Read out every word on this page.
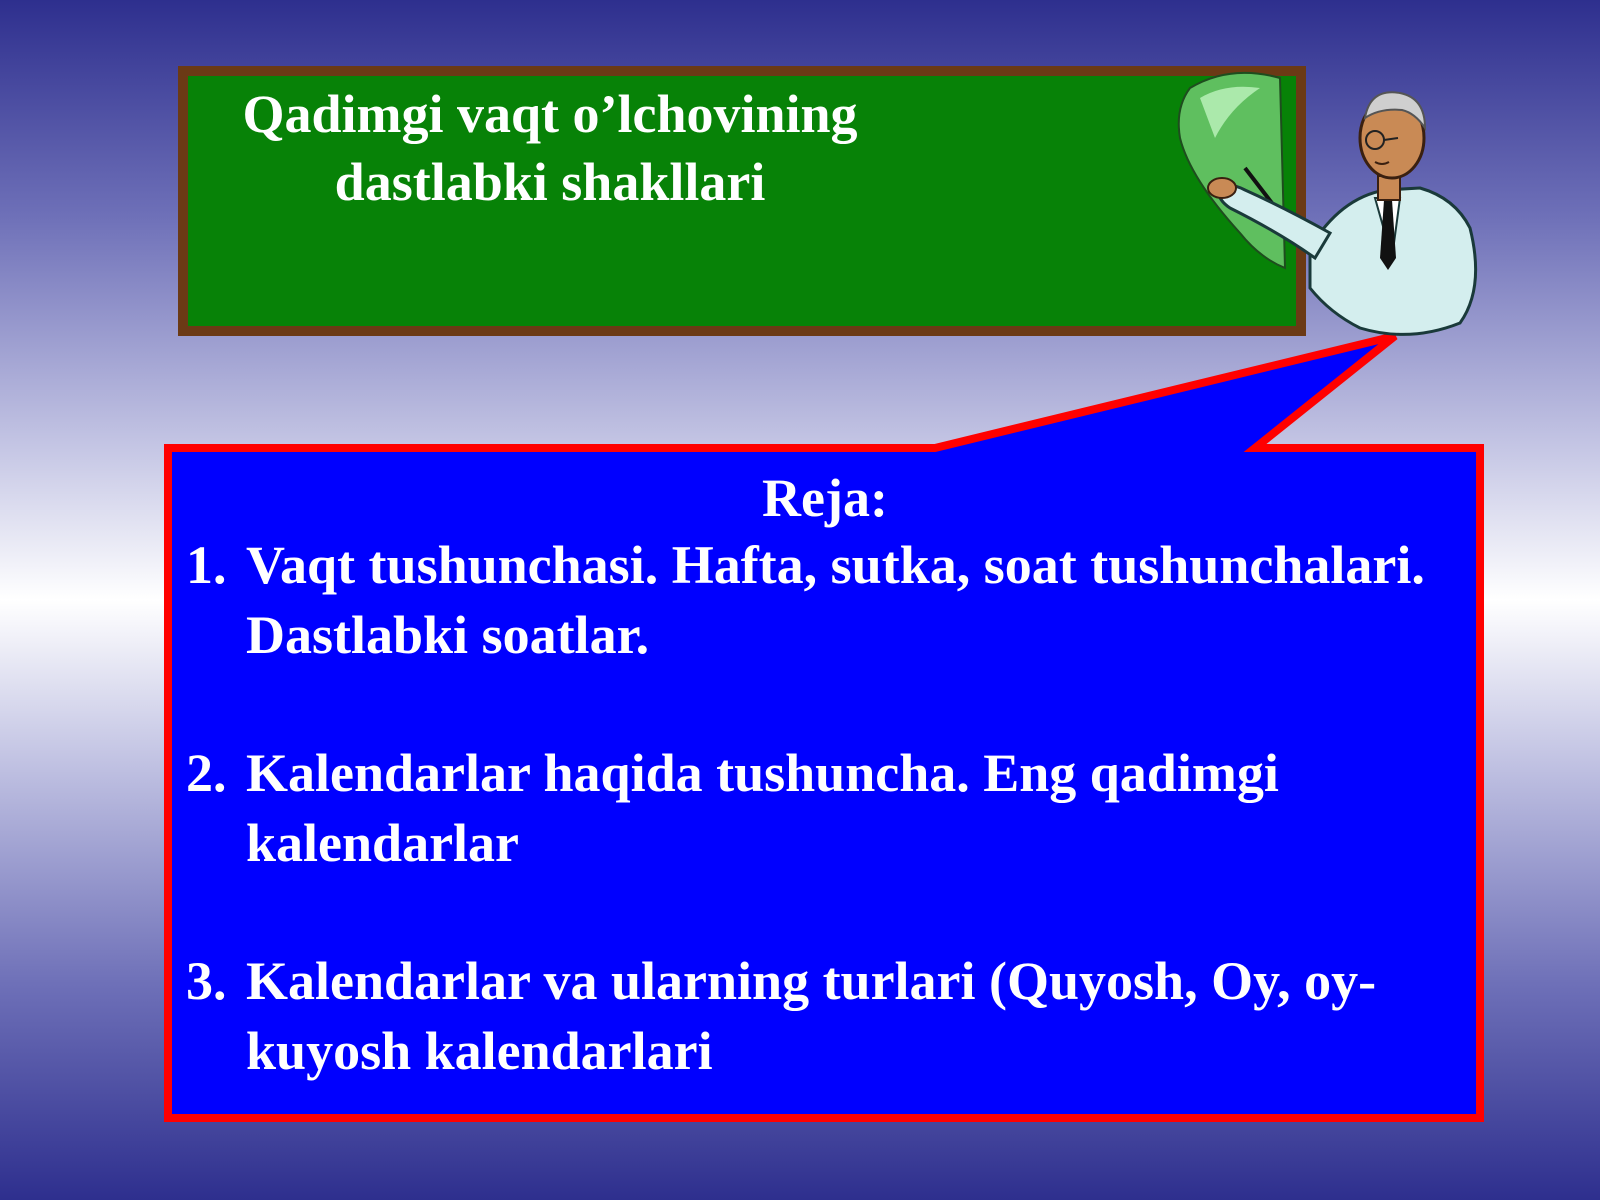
Qadimgi vaqt o’lchovining
dastlabki shakllari
Reja:
1. Vaqt tushunchasi. Hafta, sutka, soat tushunchalari. Dastlabki soatlar.
2. Kalendarlar haqida tushuncha. Eng qadimgi kalendarlar
3. Kalendarlar va ularning turlari (Quyosh, Oy, oy-kuyosh kalendarlari
